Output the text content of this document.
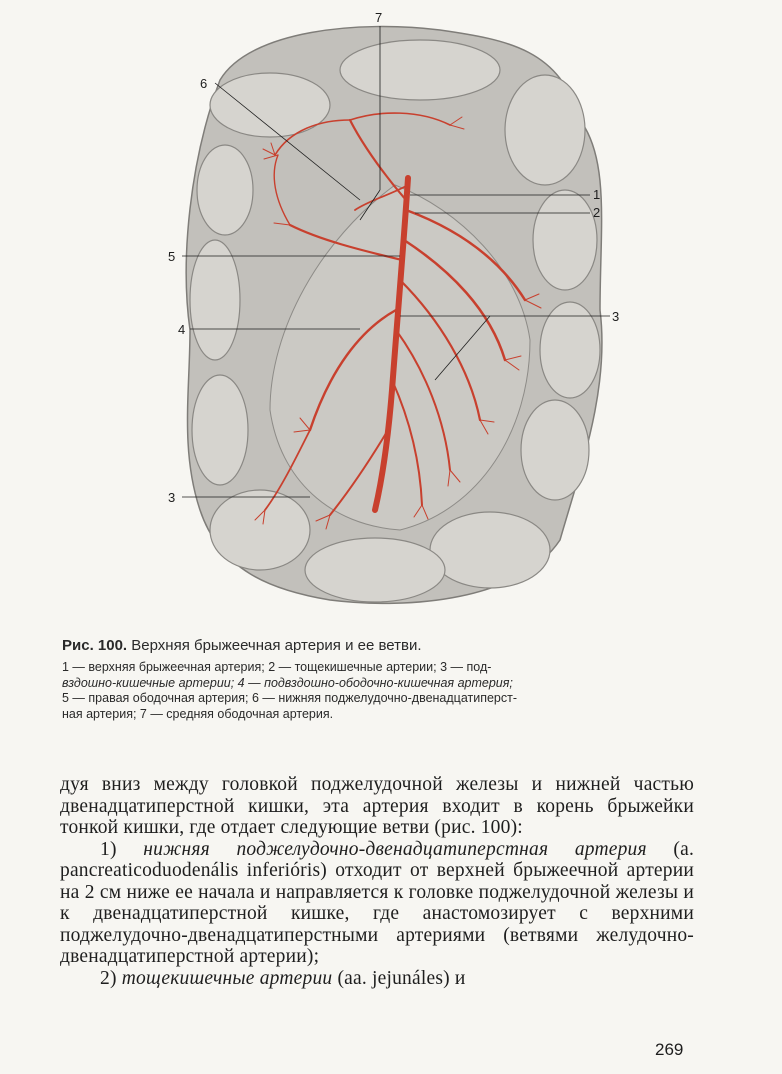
7
6
1
2
5
3
4
3

Рис. 100. Верхняя брыжеечная артерия и ее ветви.

1 — верхняя брыжеечная артерия; 2 — тощекишечные артерии; 3 — под-
вздошно-кишечные артерии; 4 — подвздошно-ободочно-кишечная артерия;
5 — правая ободочная артерия; 6 — нижняя поджелудочно-двенадцатиперст-
ная артерия; 7 — средняя ободочная артерия.

дуя вниз между головкой поджелудочной железы и нижней частью двенадцатиперстной кишки, эта артерия входит в корень брыжейки тонкой кишки, где отдает следующие ветви (рис. 100):

1) нижняя поджелудочно-двенадцатиперстная артерия (a. pancreaticoduodenális inferióris) отходит от верхней брыжеечной артерии на 2 см ниже ее начала и направляется к головке поджелудочной железы и к двенадцатиперстной кишке, где анастомозирует с верхними поджелудочно-двенадцатиперстными артериями (ветвями желудочно-двенадцатиперстной артерии);

2) тощекишечные артерии (aa. jejunáles) и

269
